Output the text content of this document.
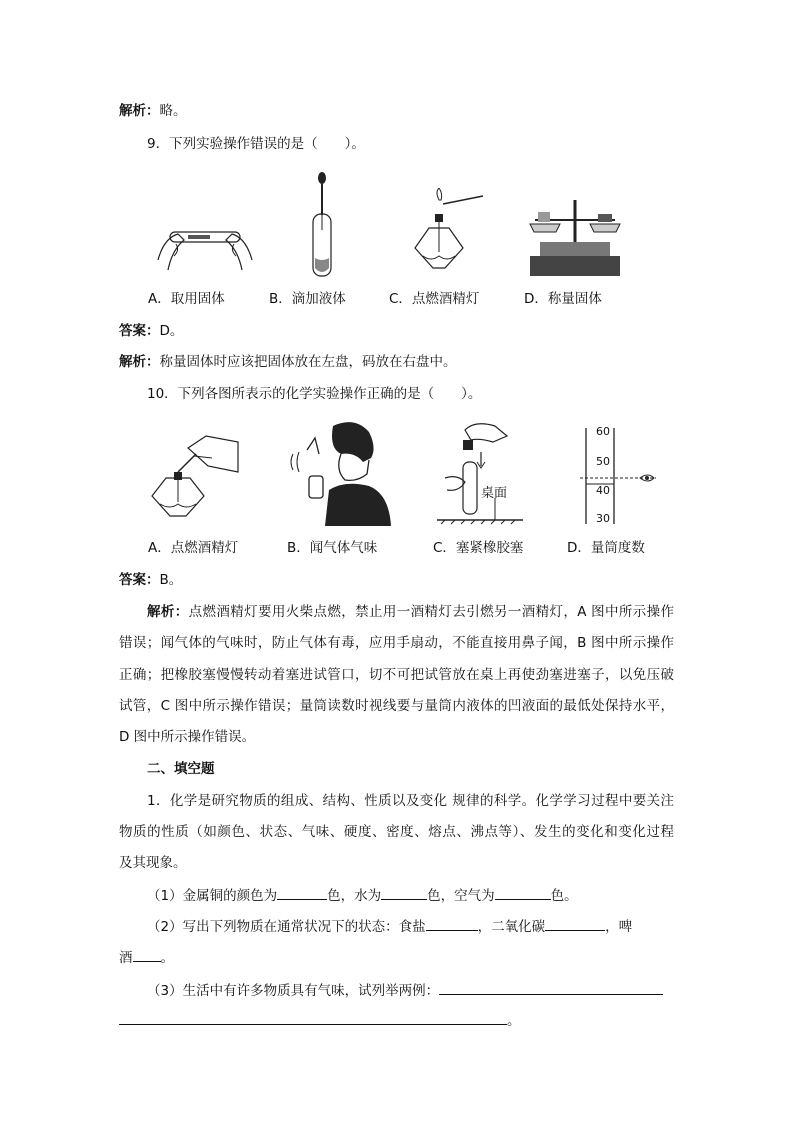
解析：略。
9．下列实验操作错误的是（　　）。
A．取用固体	B．滴加液体	C．点燃酒精灯	D．称量固体
答案：D。
解析：称量固体时应该把固体放在左盘，码放在右盘中。
10．下列各图所表示的化学实验操作正确的是（　　）。
桌面
60
50
40
30
A．点燃酒精灯	B．闻气体气味	C．塞紧橡胶塞	D．量筒度数
答案：B。
解析：点燃酒精灯要用火柴点燃，禁止用一酒精灯去引燃另一酒精灯，A 图中所示操作
错误；闻气体的气味时，防止气体有毒，应用手扇动，不能直接用鼻子闻，B 图中所示操作
正确；把橡胶塞慢慢转动着塞进试管口，切不可把试管放在桌上再使劲塞进塞子，以免压破
试管，C 图中所示操作错误；量筒读数时视线要与量筒内液体的凹液面的最低处保持水平，
D 图中所示操作错误。
二、填空题
1．化学是研究物质的组成、结构、性质以及变化 规律的科学。化学学习过程中要关注
物质的性质（如颜色、状态、气味、硬度、密度、熔点、沸点等）、发生的变化和变化过程
及其现象。
（1）金属铜的颜色为	色，水为	色，空气为	色。
（2）写出下列物质在通常状况下的状态：食盐	，二氧化碳	，啤
酒 。
（3）生活中有许多物质具有气味，试列举两例：
。
